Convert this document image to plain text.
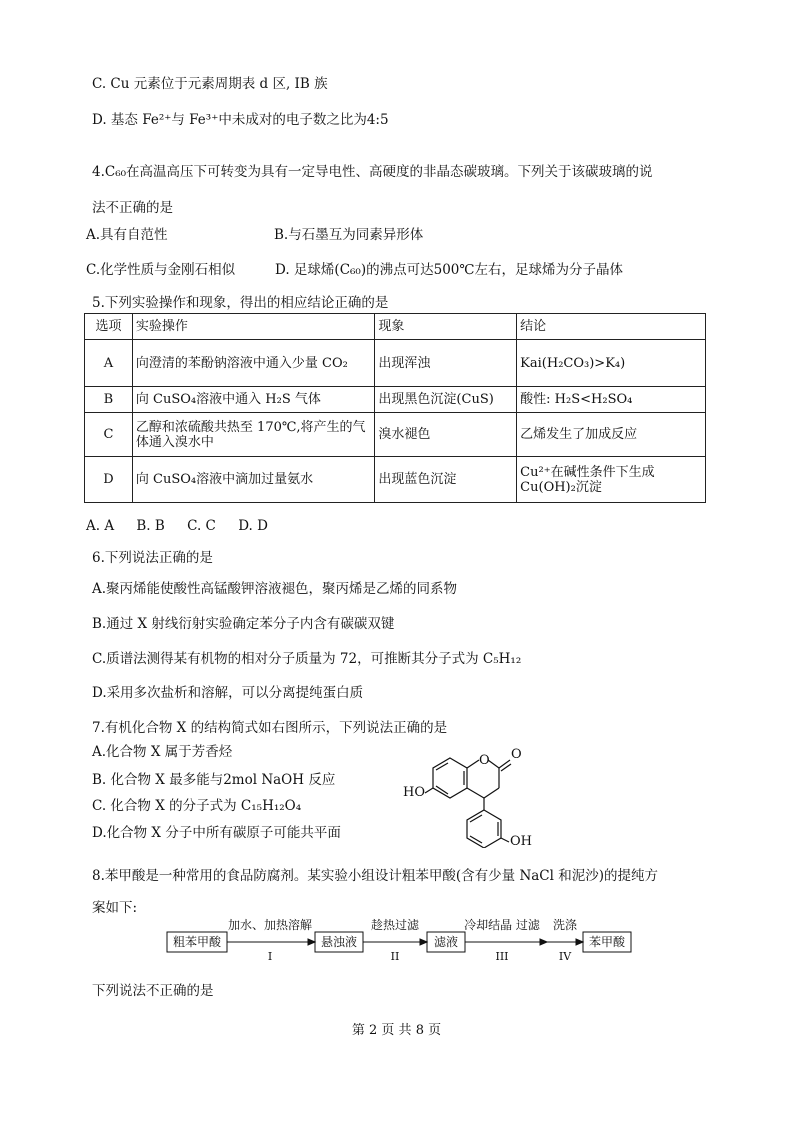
C. Cu 元素位于元素周期表 d 区, IB 族
D. 基态 Fe²⁺与 Fe³⁺中未成对的电子数之比为4:5
4.C₆₀在高温高压下可转变为具有一定导电性、高硬度的非晶态碳玻璃。下列关于该碳玻璃的说
法不正确的是
A.具有自范性	B.与石墨互为同素异形体
C.化学性质与金刚石相似	D. 足球烯(C₆₀)的沸点可达500℃左右，足球烯为分子晶体
5.下列实验操作和现象，得出的相应结论正确的是
选项	实验操作	现象	结论
A	向澄清的苯酚钠溶液中通入少量 CO₂	出现浑浊	Kai(H₂CO₃)>K₄)
B	向 CuSO₄溶液中通入 H₂S 气体	出现黑色沉淀(CuS)	酸性: H₂S<H₂SO₄
C	乙醇和浓硫酸共热至 170℃,将产生的气体通入溴水中	溴水褪色	乙烯发生了加成反应
D	向 CuSO₄溶液中滴加过量氨水	出现蓝色沉淀	Cu²⁺在碱性条件下生成 Cu(OH)₂沉淀
A. A B. B C. C D. D
6.下列说法正确的是
A.聚丙烯能使酸性高锰酸钾溶液褪色，聚丙烯是乙烯的同系物
B.通过 X 射线衍射实验确定苯分子内含有碳碳双键
C.质谱法测得某有机物的相对分子质量为 72，可推断其分子式为 C₅H₁₂
D.采用多次盐析和溶解，可以分离提纯蛋白质
7.有机化合物 X 的结构简式如右图所示，下列说法正确的是
A.化合物 X 属于芳香烃
B. 化合物 X 最多能与2mol NaOH 反应
C. 化合物 X 的分子式为 C₁₅H₁₂O₄
D.化合物 X 分子中所有碳原子可能共平面
O O
HO
OH
8.苯甲酸是一种常用的食品防腐剂。某实验小组设计粗苯甲酸(含有少量 NaCl 和泥沙)的提纯方
案如下:
粗苯甲酸	悬浊液	滤液	苯甲酸
加水、加热溶解	趁热过滤	冷却结晶 过滤 洗涤
I	II	III	IV
下列说法不正确的是
第 2 页 共 8 页
